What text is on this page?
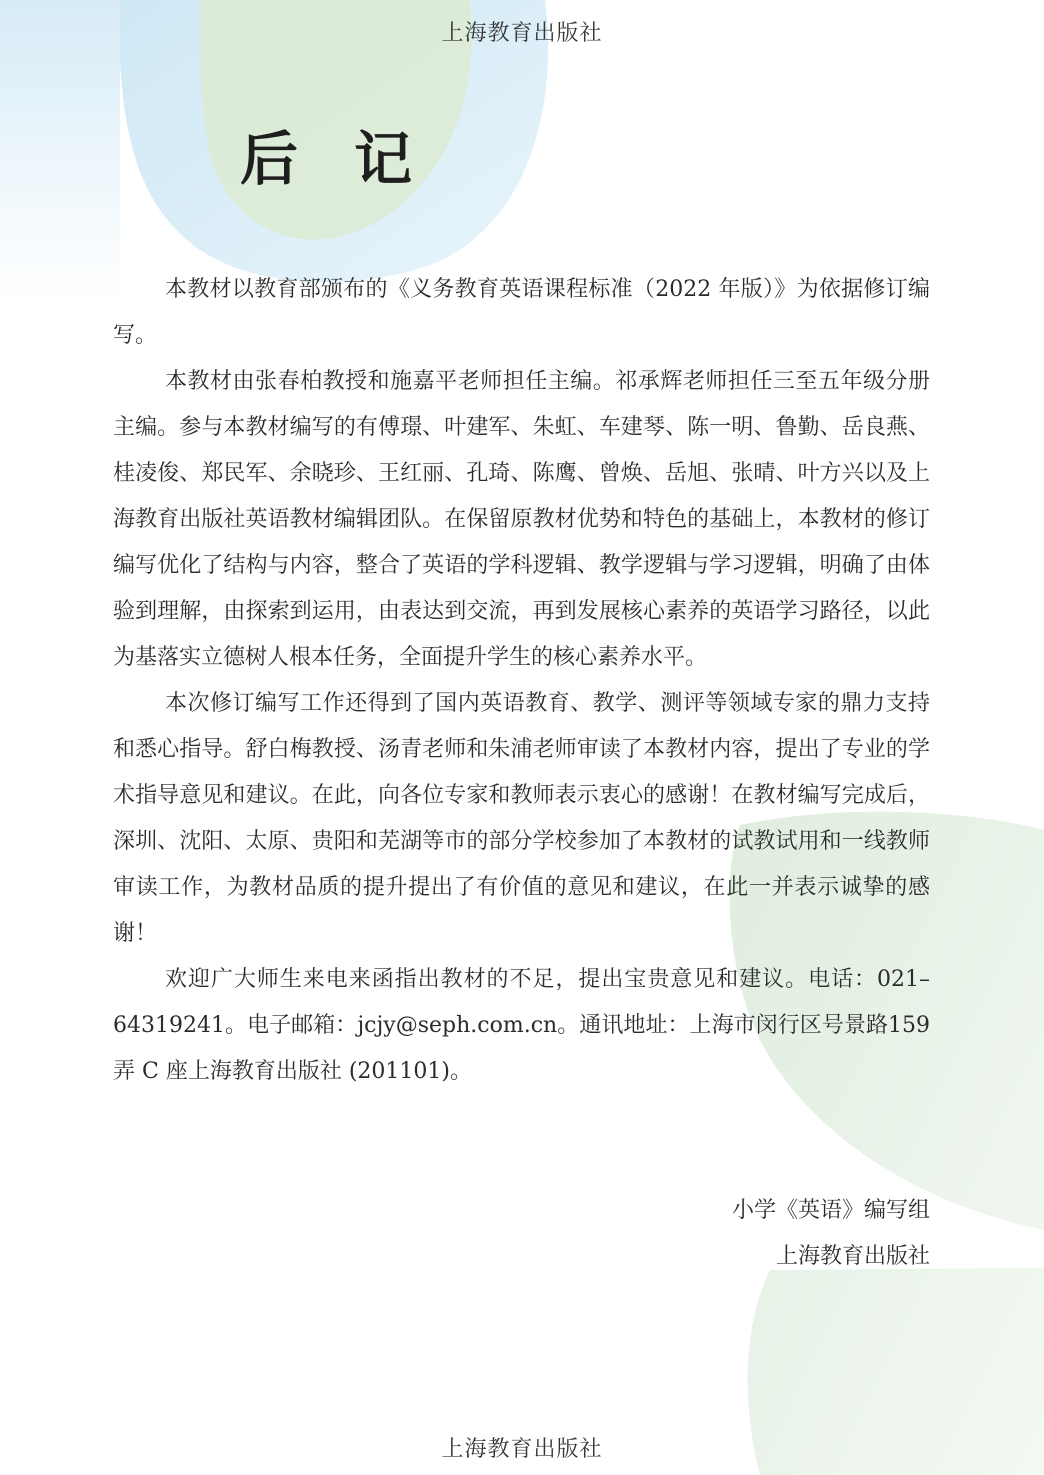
上海教育出版社
后记

本教材以教育部颁布的《义务教育英语课程标准（2022 年版）》为依据修订编写。

本教材由张春柏教授和施嘉平老师担任主编。祁承辉老师担任三至五年级分册主编。参与本教材编写的有傅璟、叶建军、朱虹、车建琴、陈一明、鲁勤、岳良燕、桂凌俊、郑民军、余晓珍、王红丽、孔琦、陈鹰、曾焕、岳旭、张晴、叶方兴以及上海教育出版社英语教材编辑团队。在保留原教材优势和特色的基础上，本教材的修订编写优化了结构与内容，整合了英语的学科逻辑、教学逻辑与学习逻辑，明确了由体验到理解，由探索到运用，由表达到交流，再到发展核心素养的英语学习路径，以此为基落实立德树人根本任务，全面提升学生的核心素养水平。

本次修订编写工作还得到了国内英语教育、教学、测评等领域专家的鼎力支持和悉心指导。舒白梅教授、汤青老师和朱浦老师审读了本教材内容，提出了专业的学术指导意见和建议。在此，向各位专家和教师表示衷心的感谢！在教材编写完成后，深圳、沈阳、太原、贵阳和芜湖等市的部分学校参加了本教材的试教试用和一线教师审读工作，为教材品质的提升提出了有价值的意见和建议，在此一并表示诚挚的感谢！

欢迎广大师生来电来函指出教材的不足，提出宝贵意见和建议。电话：021–64319241。电子邮箱：jcjy@seph.com.cn。通讯地址：上海市闵行区号景路159 弄 C 座上海教育出版社 (201101)。

小学《英语》编写组
上海教育出版社
上海教育出版社
